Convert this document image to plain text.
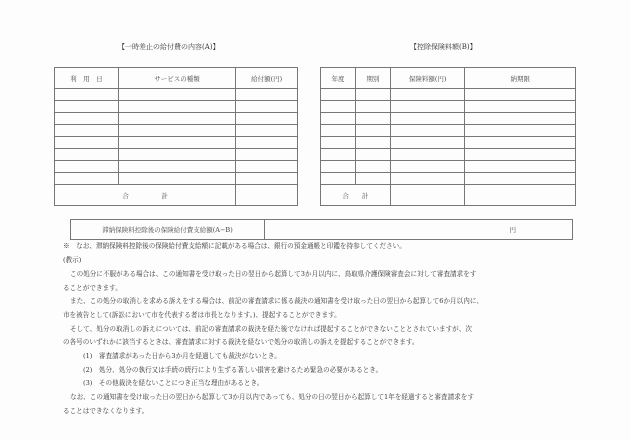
【一時差止の給付費の内容(A)】	【控除保険料額(B)】
利　用　日	サービスの種類	給付額(円)

合　　　　　計		
年度	期別	保険料額(円)	納期限

合　　計			
滞納保険料控除後の保険給付費支給額(A−B)	円
※　なお、滞納保険料控除後の保険給付費支給額に記載がある場合は、銀行の預金通帳と印鑑を持参してください。
(教示)
この処分に不服がある場合は、この通知書を受け取った日の翌日から起算して3か月以内に、鳥取県介護保険審査会に対して審査請求をす
ることができます。
また、この処分の取消しを求める訴えをする場合は、前記の審査請求に係る裁決の通知書を受け取った日の翌日から起算して6か月以内に、
市を被告として(訴訟において市を代表する者は市長となります。)、提起することができます。
そして、処分の取消しの訴えについては、前記の審査請求の裁決を経た後でなければ提起することができないこととされていますが、次
の各号のいずれかに該当するときは、審査請求に対する裁決を経ないで処分の取消しの訴えを提起することができます。
(1)　審査請求があった日から3か月を経過しても裁決がないとき。
(2)　処分、処分の執行又は手続の続行により生ずる著しい損害を避けるため緊急の必要があるとき。
(3)　その他裁決を経ないことにつき正当な理由があるとき。
なお、この通知書を受け取った日の翌日から起算して3か月以内であっても、処分の日の翌日から起算して1年を経過すると審査請求をす
ることはできなくなります。
